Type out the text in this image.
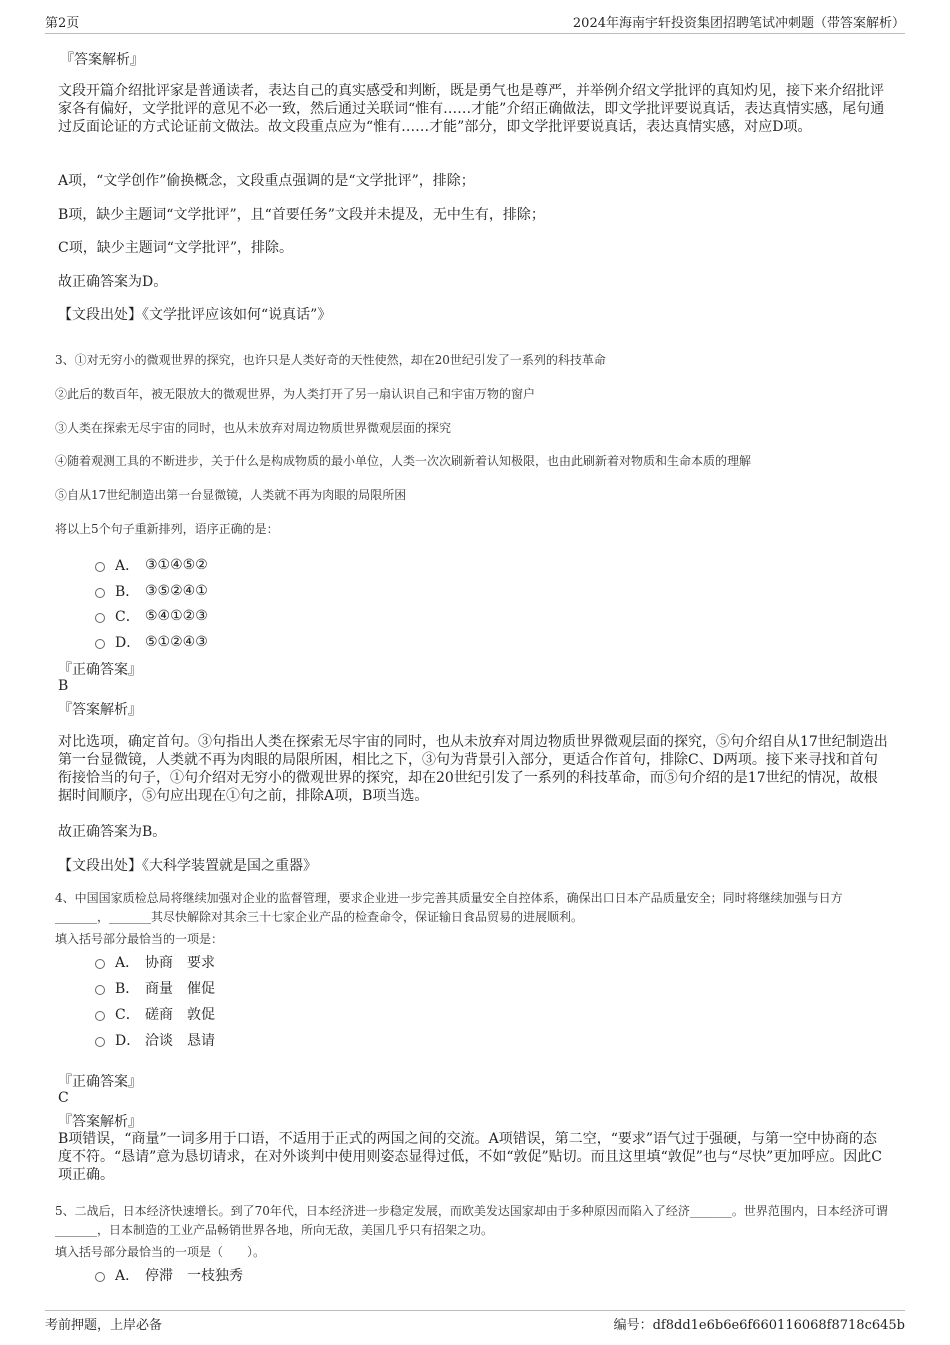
第2页	2024年海南宇轩投资集团招聘笔试冲刺题（带答案解析）
『答案解析』
文段开篇介绍批评家是普通读者，表达自己的真实感受和判断，既是勇气也是尊严，并举例介绍文学批评的真知灼见，接下来介绍批评家各有偏好，文学批评的意见不必一致，然后通过关联词“惟有……才能”介绍正确做法，即文学批评要说真话，表达真情实感，尾句通过反面论证的方式论证前文做法。故文段重点应为“惟有……才能”部分，即文学批评要说真话，表达真情实感，对应D项。
A项，“文学创作”偷换概念，文段重点强调的是“文学批评”，排除；
B项，缺少主题词“文学批评”，且“首要任务”文段并未提及，无中生有，排除；
C项，缺少主题词“文学批评”，排除。
故正确答案为D。
【文段出处】《文学批评应该如何“说真话”》
3、①对无穷小的微观世界的探究，也许只是人类好奇的天性使然，却在20世纪引发了一系列的科技革命
②此后的数百年，被无限放大的微观世界，为人类打开了另一扇认识自己和宇宙万物的窗户
③人类在探索无尽宇宙的同时，也从未放弃对周边物质世界微观层面的探究
④随着观测工具的不断进步，关于什么是构成物质的最小单位，人类一次次刷新着认知极限，也由此刷新着对物质和生命本质的理解
⑤自从17世纪制造出第一台显微镜，人类就不再为肉眼的局限所困
将以上5个句子重新排列，语序正确的是：
A． ③①④⑤②
B． ③⑤②④①
C． ⑤④①②③
D． ⑤①②④③
『正确答案』
B
『答案解析』
对比选项，确定首句。③句指出人类在探索无尽宇宙的同时，也从未放弃对周边物质世界微观层面的探究，⑤句介绍自从17世纪制造出第一台显微镜，人类就不再为肉眼的局限所困，相比之下，③句为背景引入部分，更适合作首句，排除C、D两项。接下来寻找和首句衔接恰当的句子，①句介绍对无穷小的微观世界的探究，却在20世纪引发了一系列的科技革命，而⑤句介绍的是17世纪的情况，故根据时间顺序，⑤句应出现在①句之前，排除A项，B项当选。
故正确答案为B。
【文段出处】《大科学装置就是国之重器》
4、中国国家质检总局将继续加强对企业的监督管理，要求企业进一步完善其质量安全自控体系，确保出口日本产品质量安全；同时将继续加强与日方_______，_______其尽快解除对其余三十七家企业产品的检查命令，保证输日食品贸易的进展顺利。
填入括号部分最恰当的一项是：
A． 协商　要求
B． 商量　催促
C． 磋商　敦促
D． 洽谈　恳请
『正确答案』
C
『答案解析』
B项错误，“商量”一词多用于口语，不适用于正式的两国之间的交流。A项错误，第二空，“要求”语气过于强硬，与第一空中协商的态度不符。“恳请”意为恳切请求，在对外谈判中使用则姿态显得过低，不如“敦促”贴切。而且这里填“敦促”也与“尽快”更加呼应。因此C项正确。
5、二战后，日本经济快速增长。到了70年代，日本经济进一步稳定发展，而欧美发达国家却由于多种原因而陷入了经济_______。世界范围内，日本经济可谓_______，日本制造的工业产品畅销世界各地，所向无敌，美国几乎只有招架之功。
填入括号部分最恰当的一项是（　　）。
A． 停滞　一枝独秀
考前押题，上岸必备	编号：df8dd1e6b6e6f660116068f8718c645b
